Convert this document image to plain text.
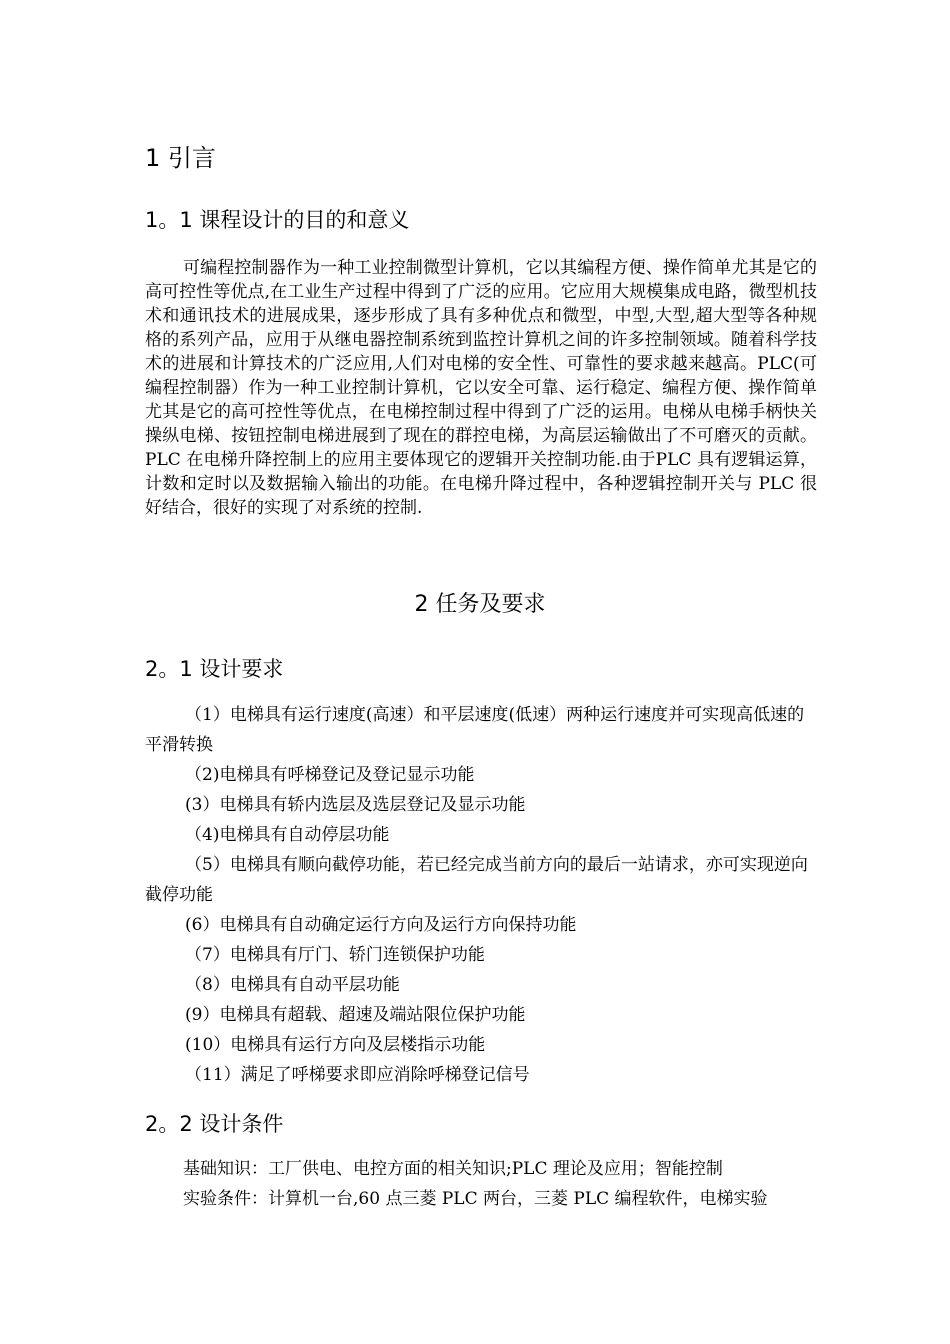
1 引言
1。1 课程设计的目的和意义

可编程控制器作为一种工业控制微型计算机，它以其编程方便、操作简单尤其是它的高可控性等优点,在工业生产过程中得到了广泛的应用。它应用大规模集成电路，微型机技术和通讯技术的进展成果，逐步形成了具有多种优点和微型，中型,大型,超大型等各种规格的系列产品，应用于从继电器控制系统到监控计算机之间的许多控制领域。随着科学技术的进展和计算技术的广泛应用,人们对电梯的安全性、可靠性的要求越来越高。PLC(可编程控制器）作为一种工业控制计算机，它以安全可靠、运行稳定、编程方便、操作简单尤其是它的高可控性等优点，在电梯控制过程中得到了广泛的运用。电梯从电梯手柄快关操纵电梯、按钮控制电梯进展到了现在的群控电梯，为高层运输做出了不可磨灭的贡献。PLC 在电梯升降控制上的应用主要体现它的逻辑开关控制功能.由于PLC 具有逻辑运算，计数和定时以及数据输入输出的功能。在电梯升降过程中，各种逻辑控制开关与 PLC 很好结合，很好的实现了对系统的控制.

2 任务及要求
2。1 设计要求
（1）电梯具有运行速度(高速）和平层速度(低速）两种运行速度并可实现高低速的平滑转换
（2)电梯具有呼梯登记及登记显示功能
(3）电梯具有轿内选层及选层登记及显示功能
（4)电梯具有自动停层功能
（5）电梯具有顺向截停功能，若已经完成当前方向的最后一站请求，亦可实现逆向截停功能
(6）电梯具有自动确定运行方向及运行方向保持功能
（7）电梯具有厅门、轿门连锁保护功能
（8）电梯具有自动平层功能
(9）电梯具有超载、超速及端站限位保护功能
(10）电梯具有运行方向及层楼指示功能
（11）满足了呼梯要求即应消除呼梯登记信号
2。2 设计条件

基础知识：工厂供电、电控方面的相关知识;PLC 理论及应用；智能控制

实验条件：计算机一台,60 点三菱 PLC 两台，三菱 PLC 编程软件，电梯实验
